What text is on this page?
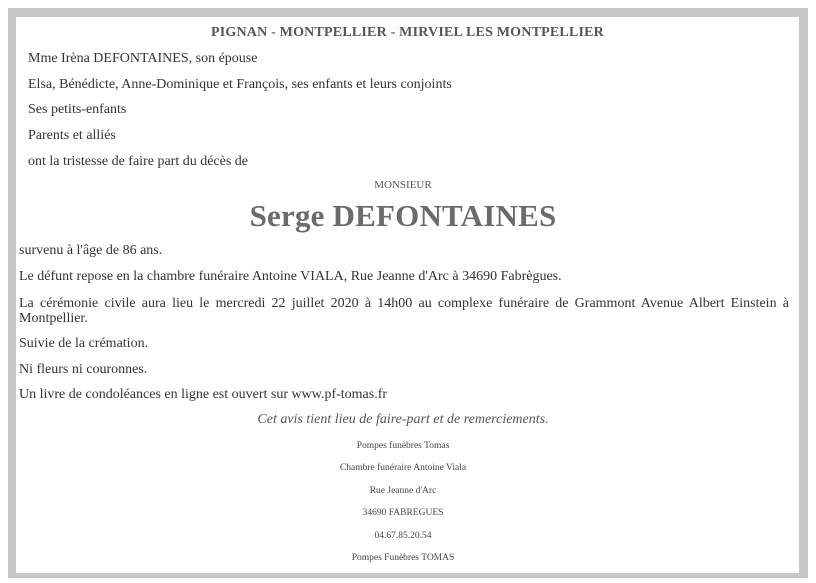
PIGNAN - MONTPELLIER - MIRVIEL LES MONTPELLIER
Mme Irèna DEFONTAINES, son épouse
Elsa, Bénédicte, Anne-Dominique et François, ses enfants et leurs conjoints
Ses petits-enfants
Parents et alliés
ont la tristesse de faire part du décès de
MONSIEUR
Serge DEFONTAINES
survenu à l'âge de 86 ans.
Le défunt repose en la chambre funéraire Antoine VIALA, Rue Jeanne d'Arc à 34690 Fabrègues.
La cérémonie civile aura lieu le mercredi 22 juillet 2020 à 14h00 au complexe funéraire de Grammont Avenue Albert Einstein à Montpellier.
Suivie de la crémation.
Ni fleurs ni couronnes.
Un livre de condoléances en ligne est ouvert sur www.pf-tomas.fr
Cet avis tient lieu de faire-part et de remerciements.
Pompes funèbres Tomas
Chambre funéraire Antoine Viala
Rue Jeanne d'Arc
34690 FABREGUES
04.67.85.20.54
Pompes Funèbres TOMAS
